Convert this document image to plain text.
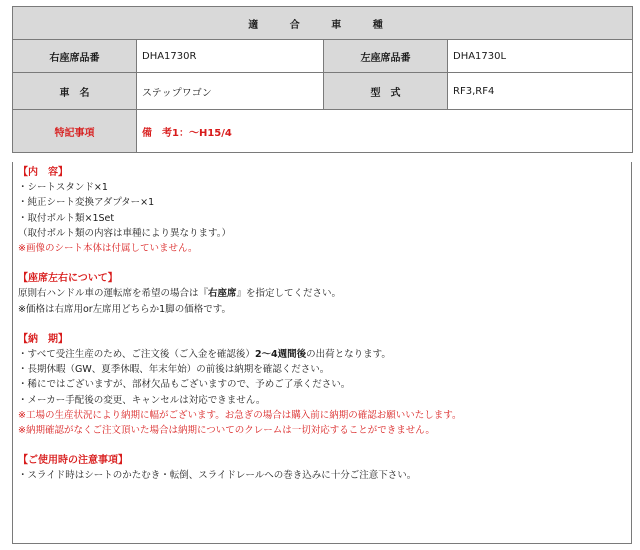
適 合 車 種			
右座席品番	DHA1730R	左座席品番	DHA1730L
車　名	ステップワゴン	型　式	RF3,RF4
特記事項	備　考1：～H15/4		
【内　容】
・シートスタンド×1
・純正シート変換アダプター×1
・取付ボルト類×1Set
（取付ボルト類の内容は車種により異なります。）
※画像のシート本体は付属していません。
【座席左右について】
原則右ハンドル車の運転席を希望の場合は『右座席』を指定してください。
※価格は右席用or左席用どちらか1脚の価格です。
【納　期】
・すべて受注生産のため、ご注文後（ご入金を確認後）2～4週間後の出荷となります。
・長期休暇（GW、夏季休暇、年末年始）の前後は納期を確認ください。
・稀にではございますが、部材欠品もございますので、予めご了承ください。
・メーカー手配後の変更、キャンセルは対応できません。
※工場の生産状況により納期に幅がございます。お急ぎの場合は購入前に納期の確認お願いいたします。
※納期確認がなくご注文頂いた場合は納期についてのクレームは一切対応することができません。
【ご使用時の注意事項】
・スライド時はシートのかたむき・転倒、スライドレールへの巻き込みに十分ご注意下さい。
